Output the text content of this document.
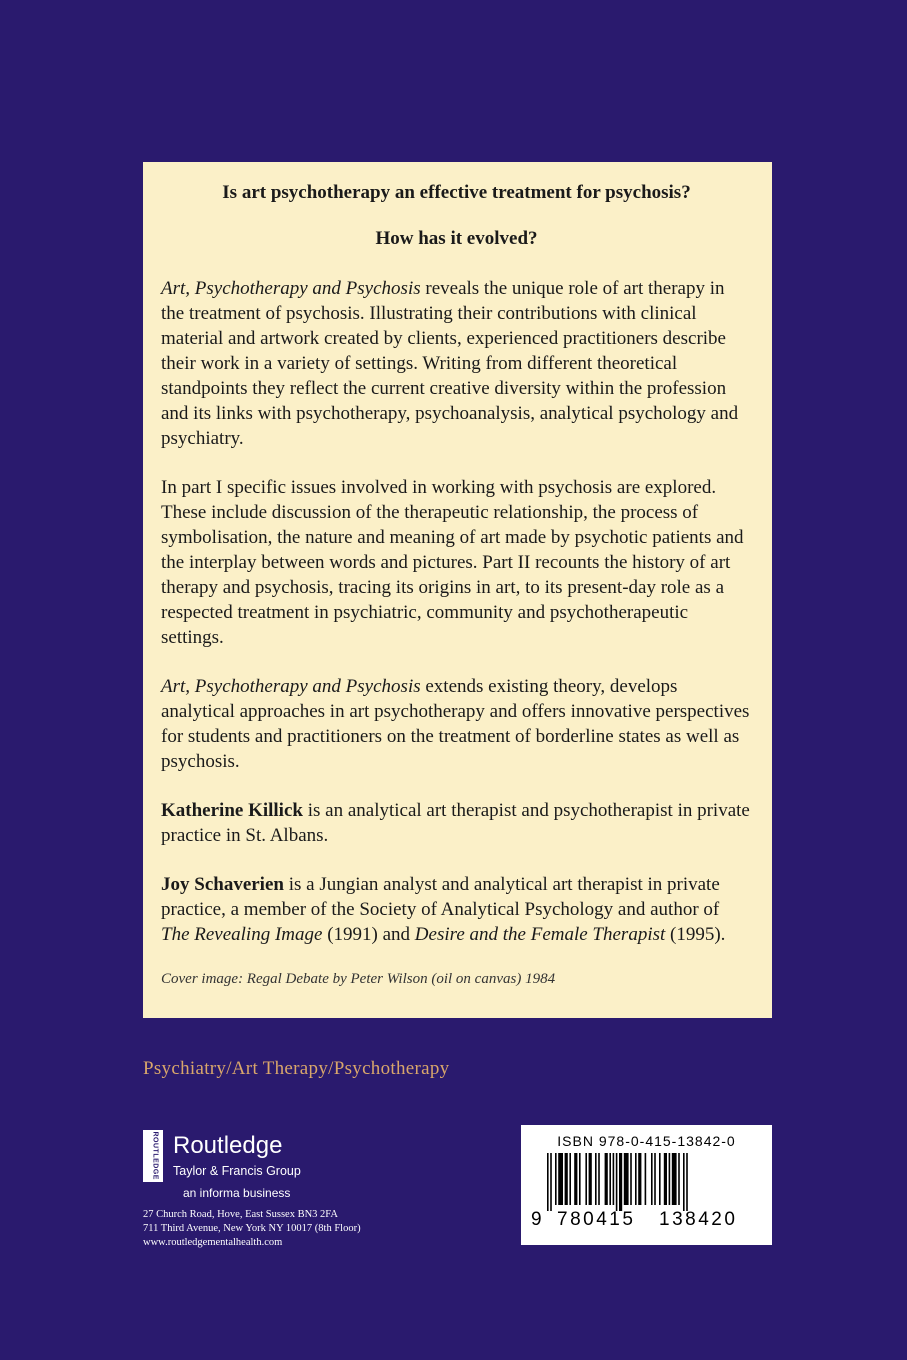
Is art psychotherapy an effective treatment for psychosis?

How has it evolved?

Art, Psychotherapy and Psychosis reveals the unique role of art therapy in the treatment of psychosis. Illustrating their contributions with clinical material and artwork created by clients, experienced practitioners describe their work in a variety of settings. Writing from different theoretical standpoints they reflect the current creative diversity within the profession and its links with psychotherapy, psychoanalysis, analytical psychology and psychiatry.

In part I specific issues involved in working with psychosis are explored. These include discussion of the therapeutic relationship, the process of symbolisation, the nature and meaning of art made by psychotic patients and the interplay between words and pictures. Part II recounts the history of art therapy and psychosis, tracing its origins in art, to its present-day role as a respected treatment in psychiatric, community and psychotherapeutic settings.

Art, Psychotherapy and Psychosis extends existing theory, develops analytical approaches in art psychotherapy and offers innovative perspectives for students and practitioners on the treatment of borderline states as well as psychosis.

Katherine Killick is an analytical art therapist and psychotherapist in private practice in St. Albans.

Joy Schaverien is a Jungian analyst and analytical art therapist in private practice, a member of the Society of Analytical Psychology and author of The Revealing Image (1991) and Desire and the Female Therapist (1995).

Cover image: Regal Debate by Peter Wilson (oil on canvas) 1984

Psychiatry/Art Therapy/Psychotherapy
ROUTLEDGE Routledge
Taylor & Francis Group
an informa business
27 Church Road, Hove, East Sussex BN3 2FA
711 Third Avenue, New York NY 10017 (8th Floor)
www.routledgementalhealth.com
ISBN 978-0-415-13842-0
9 780415 138420
